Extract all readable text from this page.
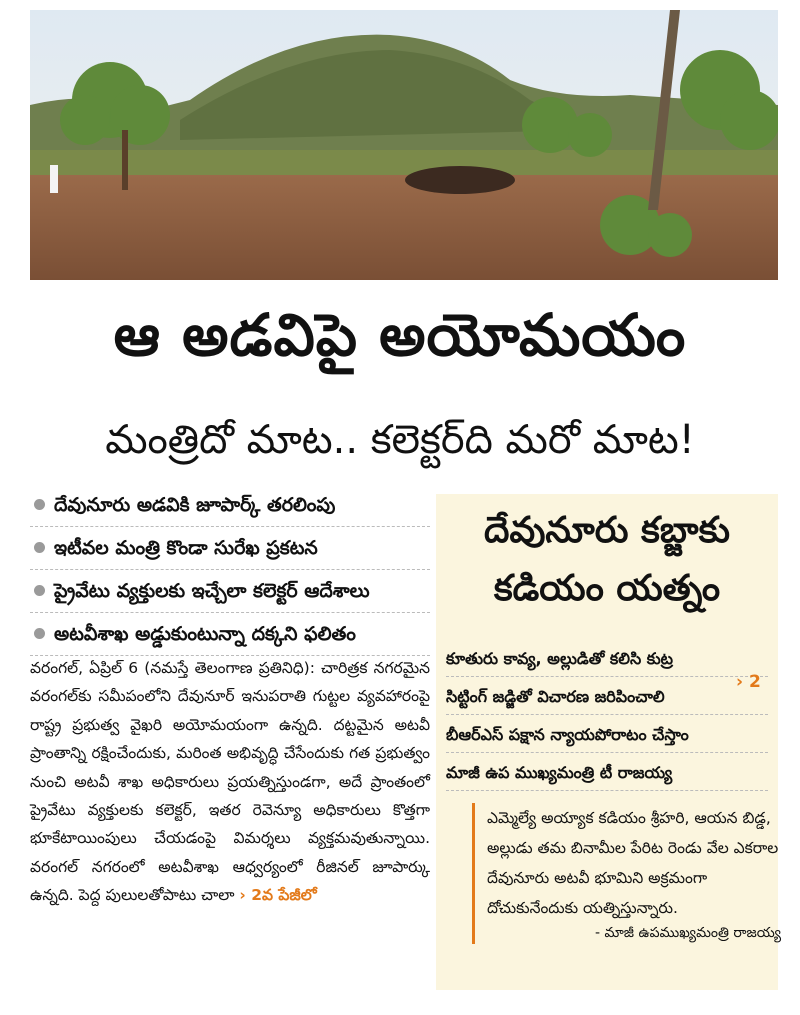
ఆ అడవిపై అయోమయం
మంత్రిదో మాట.. కలెక్టర్‌ది మరో మాట!
దేవునూరు అడవికి జూపార్క్‌ తరలింపు
ఇటీవల మంత్రి కొండా సురేఖ ప్రకటన
ప్రైవేటు వ్యక్తులకు ఇచ్చేలా కలెక్టర్‌ ఆదేశాలు
అటవీశాఖ అడ్డుకుంటున్నా దక్కని ఫలితం
వరంగల్‌, ఏప్రిల్‌ 6 (నమస్తే తెలంగాణ ప్రతినిధి): చారిత్రక నగరమైన వరంగల్‌కు సమీపంలోని దేవునూర్‌ ఇనుపరాతి గుట్టల వ్యవహారంపై రాష్ట్ర ప్రభుత్వ వైఖరి అయోమయంగా ఉన్నది. దట్టమైన అటవీ ప్రాంతాన్ని రక్షించేందుకు, మరింత అభివృద్ధి చేసేందుకు గత ప్రభుత్వం నుంచి అటవీ శాఖ అధికారులు ప్రయత్నిస్తుండగా, అదే ప్రాంతంలో ప్రైవేటు వ్యక్తులకు కలెక్టర్‌, ఇతర రెవెన్యూ అధికారులు కొత్తగా భూకేటాయింపులు చేయడంపై విమర్శలు వ్యక్తమవుతున్నాయి. వరంగల్‌ నగరంలో అటవీశాఖ ఆధ్వర్యంలో రీజినల్‌ జూపార్కు ఉన్నది. పెద్ద పులులతోపాటు చాలా › 2వ పేజీలో
దేవునూరు కబ్జాకు
కడియం యత్నం
కూతురు కావ్య, అల్లుడితో కలిసి కుట్ర
సిట్టింగ్‌ జడ్జితో విచారణ జరిపించాలి
బీఆర్‌ఎస్‌ పక్షాన న్యాయపోరాటం చేస్తాం
మాజీ ఉప ముఖ్యమంత్రి టీ రాజయ్య
› 2
ఎమ్మెల్యే అయ్యాక కడియం శ్రీహరి, ఆయన బిడ్డ, అల్లుడు తమ బినామీల పేరిట రెండు వేల ఎకరాల దేవునూరు అటవీ భూమిని అక్రమంగా దోచుకునేందుకు యత్నిస్తున్నారు.
- మాజీ ఉపముఖ్యమంత్రి రాజయ్య
